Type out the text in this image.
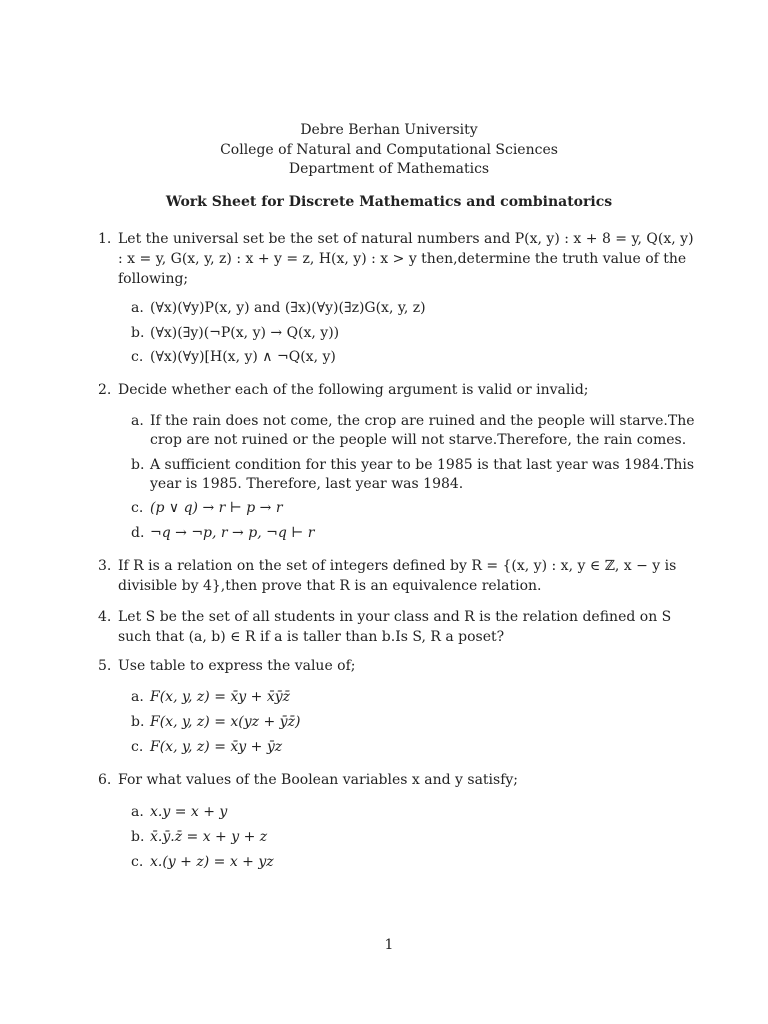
Debre Berhan University
College of Natural and Computational Sciences
Department of Mathematics
Work Sheet for Discrete Mathematics and combinatorics
1. Let the universal set be the set of natural numbers and P(x, y) : x + 8 = y, Q(x, y) : x = y, G(x, y, z) : x + y = z, H(x, y) : x > y then,determine the truth value of the following;
a. (∀x)(∀y)P(x, y) and (∃x)(∀y)(∃z)G(x, y, z)
b. (∀x)(∃y)(¬P(x, y) → Q(x, y))
c. (∀x)(∀y)[H(x, y) ∧ ¬Q(x, y)
2. Decide whether each of the following argument is valid or invalid;
a. If the rain does not come, the crop are ruined and the people will starve.The crop are not ruined or the people will not starve.Therefore, the rain comes.
b. A sufficient condition for this year to be 1985 is that last year was 1984.This year is 1985. Therefore, last year was 1984.
c. (p ∨ q) → r ⊢ p → r
d. ¬q → ¬p, r → p, ¬q ⊢ r
3. If R is a relation on the set of integers defined by R = {(x, y) : x, y ∈ ℤ, x − y is divisible by 4},then prove that R is an equivalence relation.
4. Let S be the set of all students in your class and R is the relation defined on S such that (a, b) ∈ R if a is taller than b.Is S, R a poset?
5. Use table to express the value of;
a. F(x, y, z) = x̄y + x̄ȳz̄
b. F(x, y, z) = x(yz + ȳz̄)
c. F(x, y, z) = x̄y + ȳz
6. For what values of the Boolean variables x and y satisfy;
a. x.y = x + y
b. x̄.ȳ.z̄ = x + y + z
c. x.(y + z) = x + yz
1
